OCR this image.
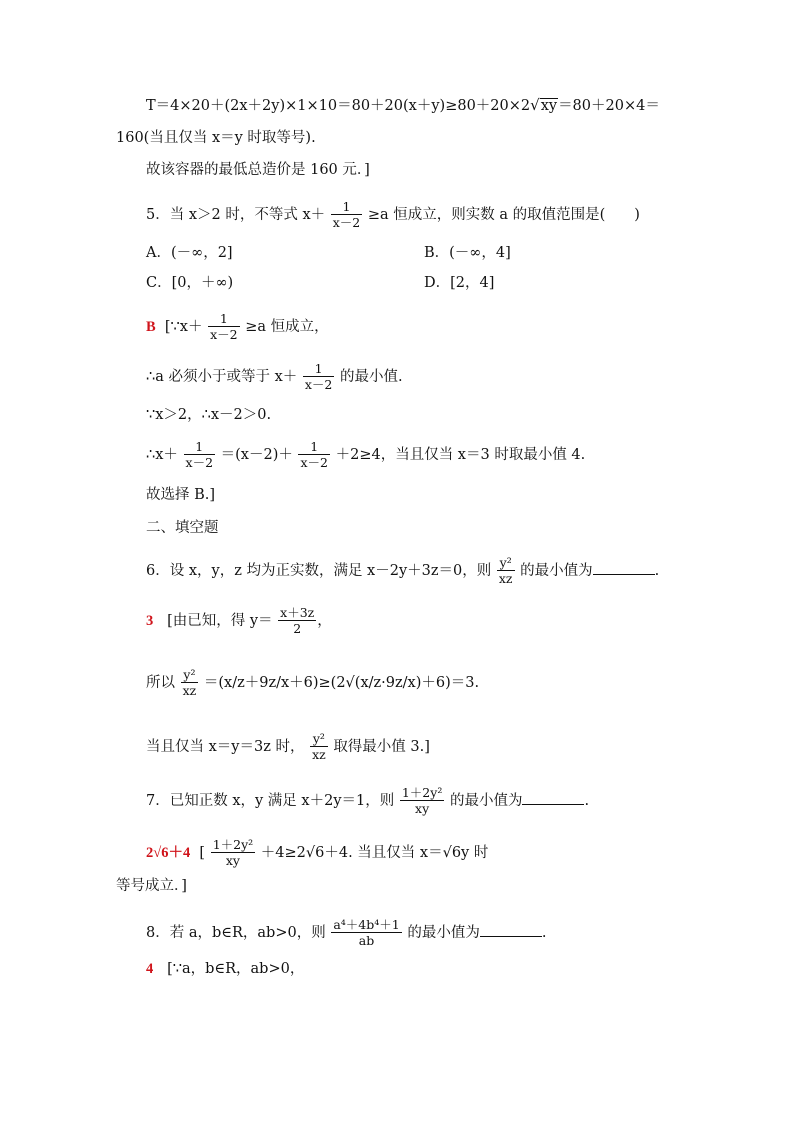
T＝4×20＋(2x＋2y)×1×10＝80＋20(x＋y)≥80＋20×2√xy＝80＋20×4＝
160(当且仅当 x＝y 时取等号).
故该容器的最低总造价是 160 元．]
5．当 x＞2 时，不等式 $x+ \frac{1}{x-2} \ge a$ 恒成立，则实数 a 的取值范围是(　　)
A．(－∞，2]	B．(－∞，4]
C．[0，＋∞)	D．[2，4]
B [∵x＋ $\frac{1}{x-2} \ge a$ 恒成立，
∴a 必须小于或等于 $x+ \frac{1}{x-2}$ 的最小值.
∵x＞2，∴x－2＞0.
∴x＋ $\frac{1}{x-2} =(x-2)+ \frac{1}{x-2} +2\ge 4$，当且仅当 x＝3 时取最小值 4.
故选择 B.]
二、填空题
6．设 x，y，z 均为正实数，满足 x－2y＋3z＝0，则 $\frac{\text{y²}}{xz}$ 的最小值为	.
3 [由已知，得 $y= \frac{x+3z}{2}$ ，
所以 $\frac{\text{y²}}{xz} =(x/z+9z/x+6)\ge(2√(x/z\cdot 9z/x)+6)=3$.
当且仅当 x＝y＝3z 时， $\frac{\text{y²}}{xz}$ 取得最小值 3.]
7．已知正数 x，y 满足 x＋2y＝1，则 $\frac{\text{1＋2y²}}{xy}$ 的最小值为	.
2√6＋4  [ $\frac{\text{1＋2y²}}{xy} +4\ge 2√6+4$. 当且仅当 x＝√6y 时
等号成立．]
8．若 a，b∈R，ab>0，则 $\frac{\text{a⁴＋4b⁴＋1}}{ab}$ 的最小值为	.
4 [∵a，b∈R，ab>0，
